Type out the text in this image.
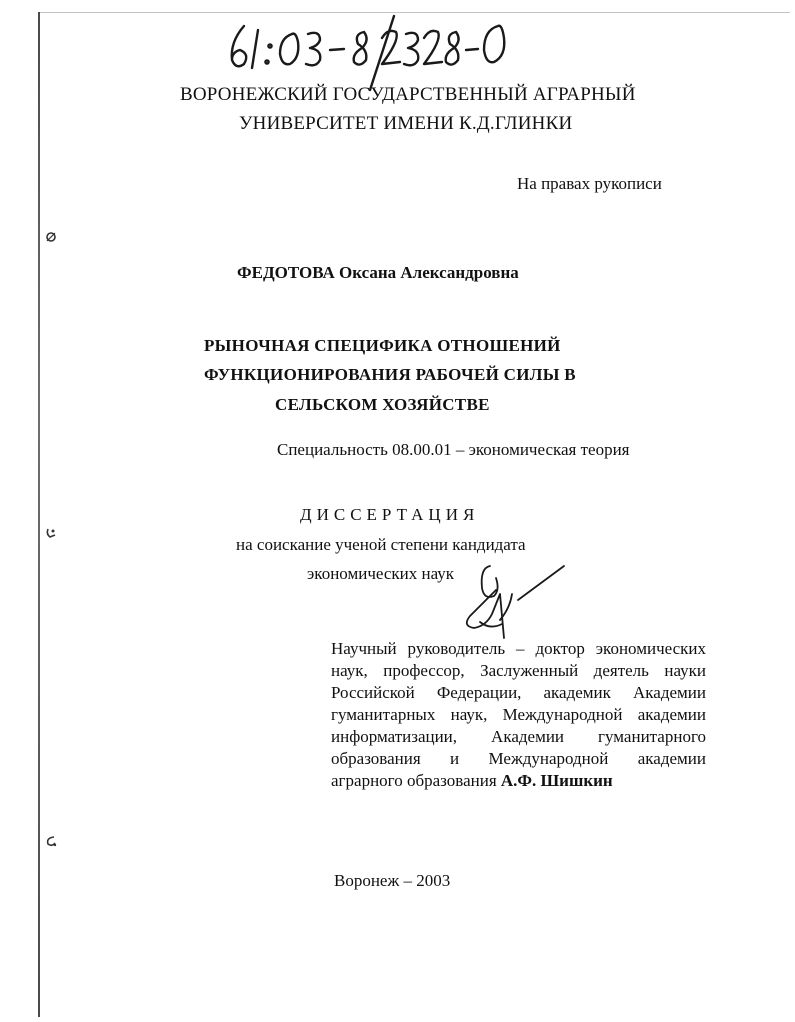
ВОРОНЕЖСКИЙ ГОСУДАРСТВЕННЫЙ АГРАРНЫЙ
УНИВЕРСИТЕТ ИМЕНИ К.Д.ГЛИНКИ
На правах рукописи
ФЕДОТОВА Оксана Александровна
РЫНОЧНАЯ СПЕЦИФИКА ОТНОШЕНИЙ
ФУНКЦИОНИРОВАНИЯ РАБОЧЕЙ СИЛЫ В
СЕЛЬСКОМ ХОЗЯЙСТВЕ
Специальность 08.00.01 – экономическая теория
ДИССЕРТАЦИЯ
на соискание ученой степени кандидата
экономических наук
Научный руководитель – доктор экономических наук, профессор, Заслуженный деятель науки Российской Федерации, академик Академии гуманитарных наук, Международной академии информатизации, Академии гуманитарного образования и Международной академии аграрного образования А.Ф. Шишкин
Воронеж – 2003
